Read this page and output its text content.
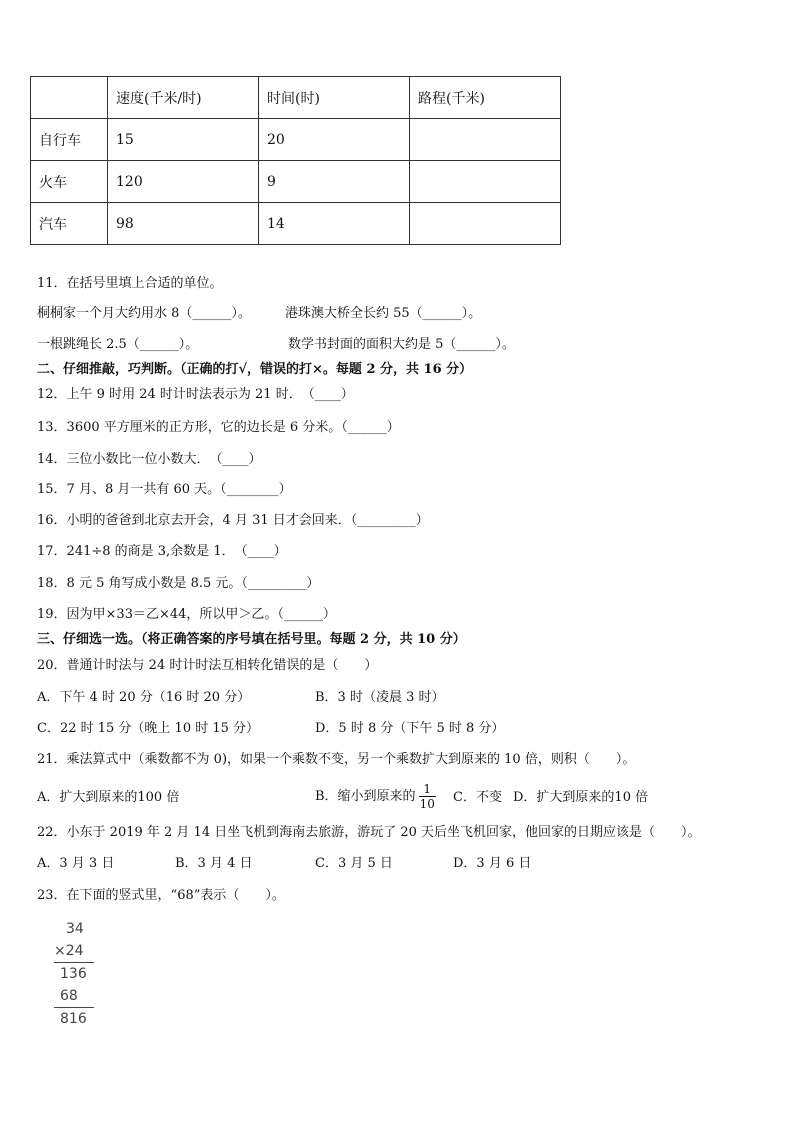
	速度(千米/时)	时间(时)	路程(千米)
自行车	15	20	
火车	120	9	
汽车	98	14	
11．在括号里填上合适的单位。
桐桐家一个月大约用水 8（______）。	港珠澳大桥全长约 55（______）。
一根跳绳长 2.5（______）。	数学书封面的面积大约是 5（______）。
二、仔细推敲，巧判断。（正确的打√，错误的打×。每题 2 分，共 16 分）
12．上午 9 时用 24 时计时法表示为 21 时．　（____）
13．3600 平方厘米的正方形，它的边长是 6 分米。（______）
14．三位小数比一位小数大．　（____）
15．7 月、8 月一共有 60 天。（________）
16．小明的爸爸到北京去开会，4 月 31 日才会回来．（_________）
17．241÷8 的商是 3,余数是 1．　（____）
18．8 元 5 角写成小数是 8.5 元。（_________）
19．因为甲×33＝乙×44，所以甲＞乙。（______）
三、仔细选一选。（将正确答案的序号填在括号里。每题 2 分，共 10 分）
20．普通计时法与 24 时计时法互相转化错误的是（　　）
A．下午 4 时 20 分（16 时 20 分）	B．3 时（凌晨 3 时）
C．22 时 15 分（晚上 10 时 15 分）	D．5 时 8 分（下午 5 时 8 分）
21．乘法算式中（乘数都不为 0)，如果一个乘数不变，另一个乘数扩大到原来的 10 倍，则积（　　）。
A．扩大到原来的100 倍	B．缩小到原来的 $\frac{1}{10}$ C．不变 D．扩大到原来的10 倍
22．小东于 2019 年 2 月 14 日坐飞机到海南去旅游，游玩了 20 天后坐飞机回家，他回家的日期应该是（　　）。
A．3 月 3 日	B．3 月 4 日	C．3 月 5 日	D．3 月 6 日
23．在下面的竖式里，“68”表示（　　）。
34
×24
136
68
816
